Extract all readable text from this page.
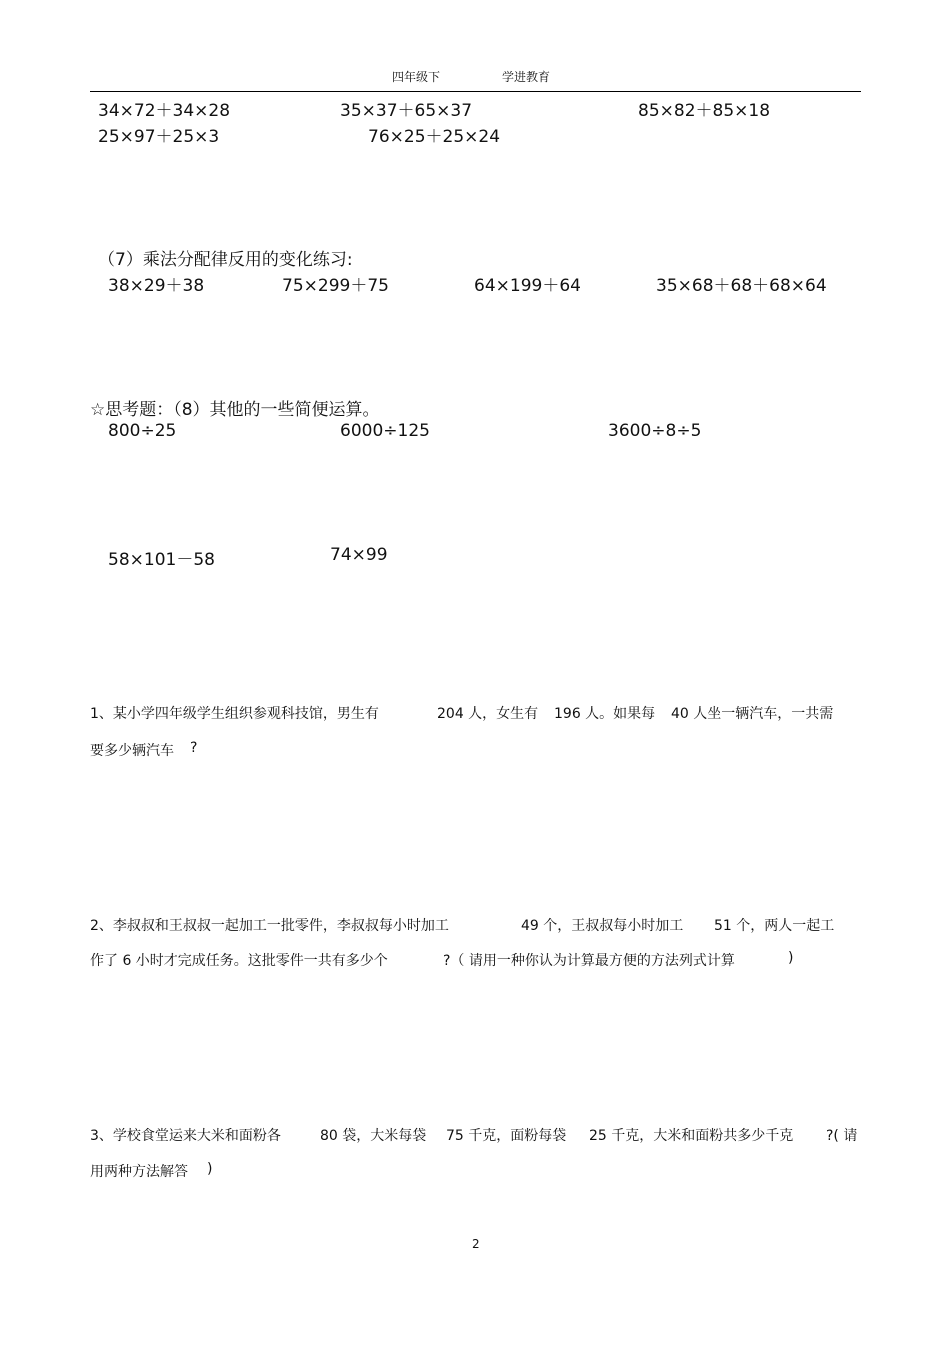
四年级下	学进教育
34×72＋34×28	35×37＋65×37	85×82＋85×18
25×97＋25×3	76×25＋25×24
（7）乘法分配律反用的变化练习:
38×29＋38	75×299＋75	64×199＋64	35×68＋68＋68×64
☆思考题：（8）其他的一些简便运算。
800÷25	6000÷125	3600÷8÷5
58×101－58	74×99
1、某小学四年级学生组织参观科技馆，男生有	204 人，女生有 196 人。如果每 40 人坐一辆汽车，一共需
要多少辆汽车 ?
2、李叔叔和王叔叔一起加工一批零件，李叔叔每小时加工	49 个，王叔叔每小时加工 51 个，两人一起工
作了 6 小时才完成任务。这批零件一共有多少个	?（ 请用一种你认为计算最方便的方法列式计算	)
3、学校食堂运来大米和面粉各	80 袋，大米每袋 75 千克，面粉每袋 25 千克，大米和面粉共多少千克 ?( 请
用两种方法解答 )
2
